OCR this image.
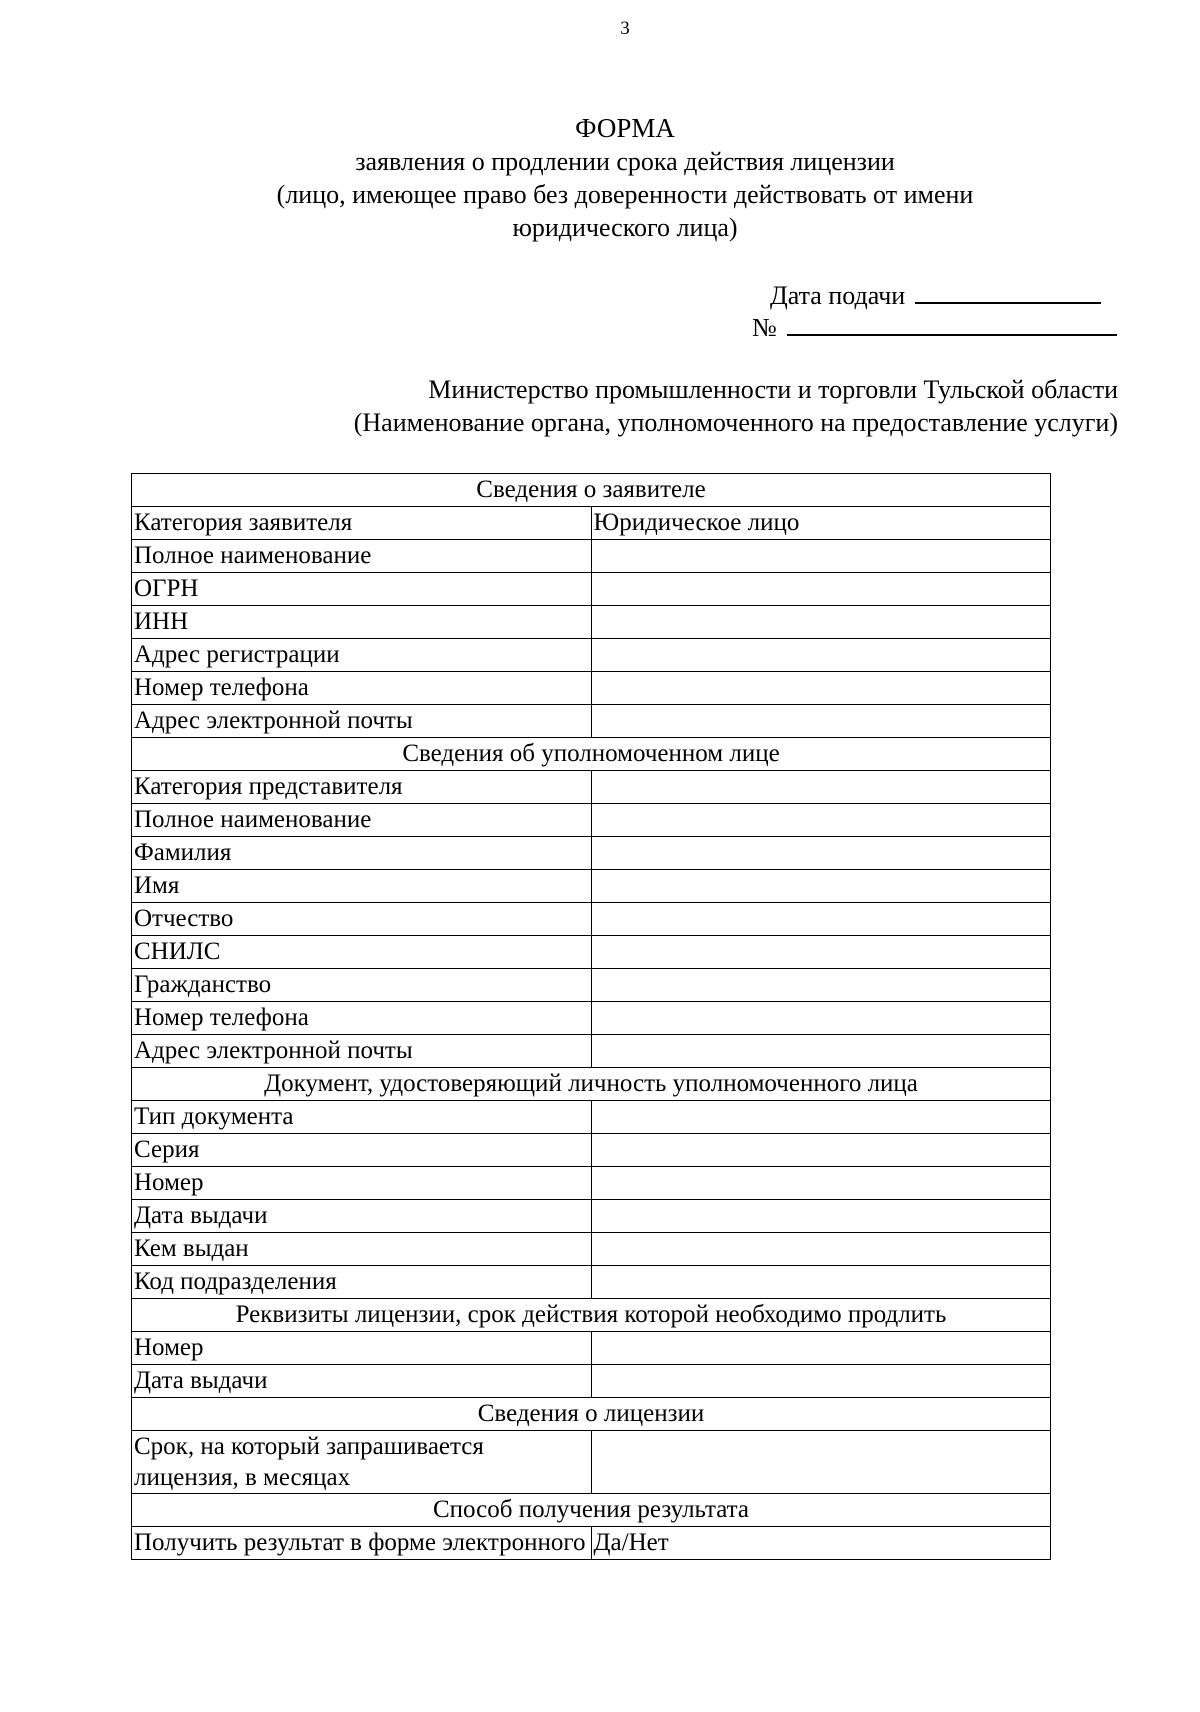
3
ФОРМА
заявления о продлении срока действия лицензии
(лицо, имеющее право без доверенности действовать от имени
юридического лица)
Дата подачи
№
Министерство промышленности и торговли Тульской области
(Наименование органа, уполномоченного на предоставление услуги)
Сведения о заявителе	
Категория заявителя	Юридическое лицо
Полное наименование	
ОГРН	
ИНН	
Адрес регистрации	
Номер телефона	
Адрес электронной почты	
Сведения об уполномоченном лице	
Категория представителя	
Полное наименование	
Фамилия	
Имя	
Отчество	
СНИЛС	
Гражданство	
Номер телефона	
Адрес электронной почты	
Документ, удостоверяющий личность уполномоченного лица	
Тип документа	
Серия	
Номер	
Дата выдачи	
Кем выдан	
Код подразделения	
Реквизиты лицензии, срок действия которой необходимо продлить	
Номер	
Дата выдачи	
Сведения о лицензии	
Срок, на который запрашивается лицензия, в месяцах	
Способ получения результата	
Получить результат в форме электронного	Да/Нет
